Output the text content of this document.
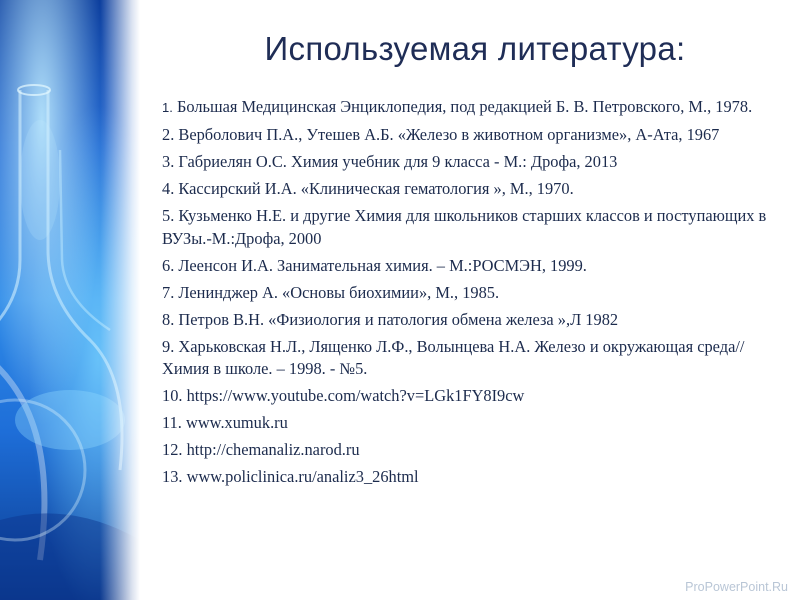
Используемая литература:
1. Большая Медицинская Энциклопедия, под редакцией Б. В. Петровского, М., 1978.
2. Верболович П.А., Утешев А.Б. «Железо в животном организме», А-Ата, 1967
3. Габриелян О.С. Химия учебник для 9 класса - М.: Дрофа, 2013
4. Кассирский И.А. «Клиническая гематология », М., 1970.
5. Кузьменко Н.Е. и другие Химия для школьников старших классов и поступающих в ВУЗы.-М.:Дрофа, 2000
6. Леенсон И.А. Занимательная химия. – М.:РОСМЭН, 1999.
7. Ленинджер А. «Основы биохимии», М., 1985.
8. Петров В.Н. «Физиология и патология обмена железа »,Л 1982
9. Харьковская Н.Л., Лященко Л.Ф., Волынцева Н.А. Железо и окружающая среда// Химия в школе. – 1998. - №5.
10. https://www.youtube.com/watch?v=LGk1FY8I9cw
11. www.xumuk.ru
12. http://chemanaliz.narod.ru
13. www.policlinica.ru/analiz3_26html
ProPowerPoint.Ru
